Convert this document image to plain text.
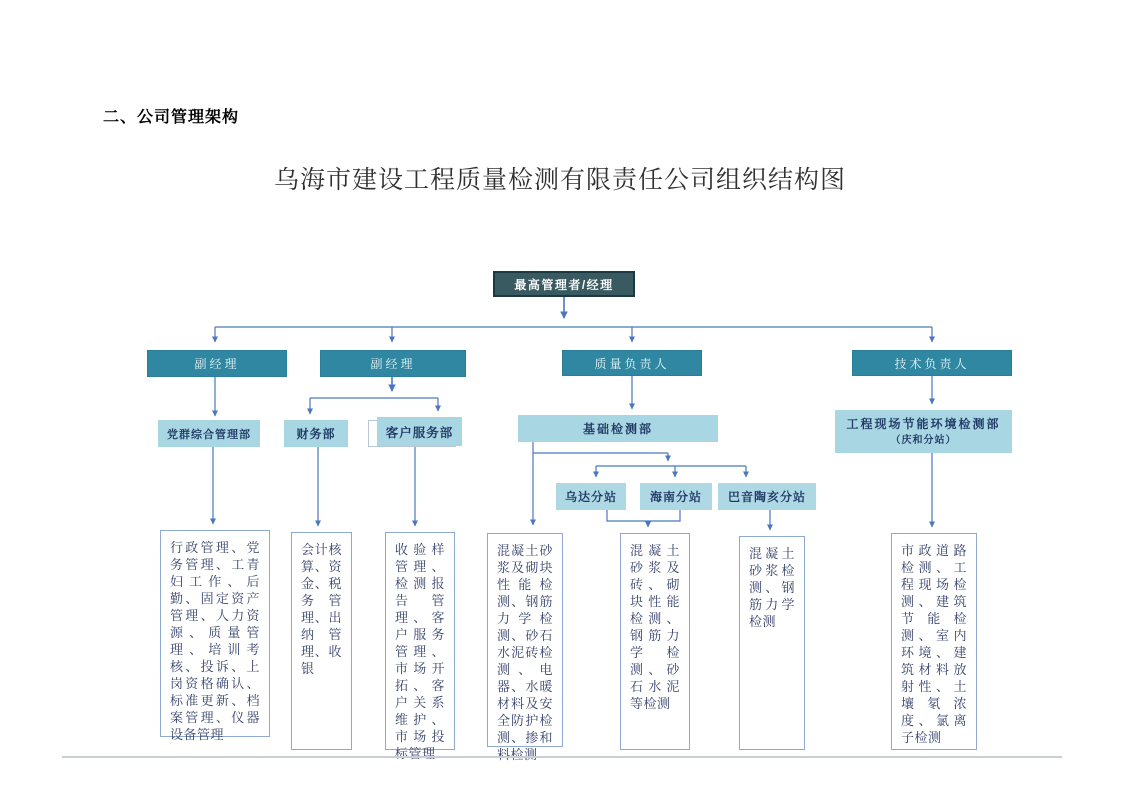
二、公司管理架构
乌海市建设工程质量检测有限责任公司组织结构图
最高管理者/经理
副经理	副经理	质量负责人	技术负责人
党群综合管理部	财务部	客户服务部	基础检测部	工程现场节能环境检测部
（庆和分站）
乌达分站	海南分站	巴音陶亥分站
行政管理、党务管理、工青妇工作、后勤、固定资产管理、人力资源、质量管理、培训考核、投诉、上岗资格确认、标准更新、档案管理、仪器设备管理
会计核算、资金、税务管理、出纳管理、收银
收验样管理、检测报告管理、客户服务管理、市场开拓、客户关系维护、市场投标管理
混凝土砂浆及砌块性能检测、钢筋力学检测、砂石水泥砖检测、电器、水暖材料及安全防护检测、掺和料检测
混凝土砂浆及砖、砌块性能检测、钢筋力学检测、砂石水泥等检测
混凝土砂浆检测、钢筋力学检测
市政道路检测、工程现场检测、建筑节能检测、室内环境、建筑材料放射性、土壤氡浓度、氯离子检测
